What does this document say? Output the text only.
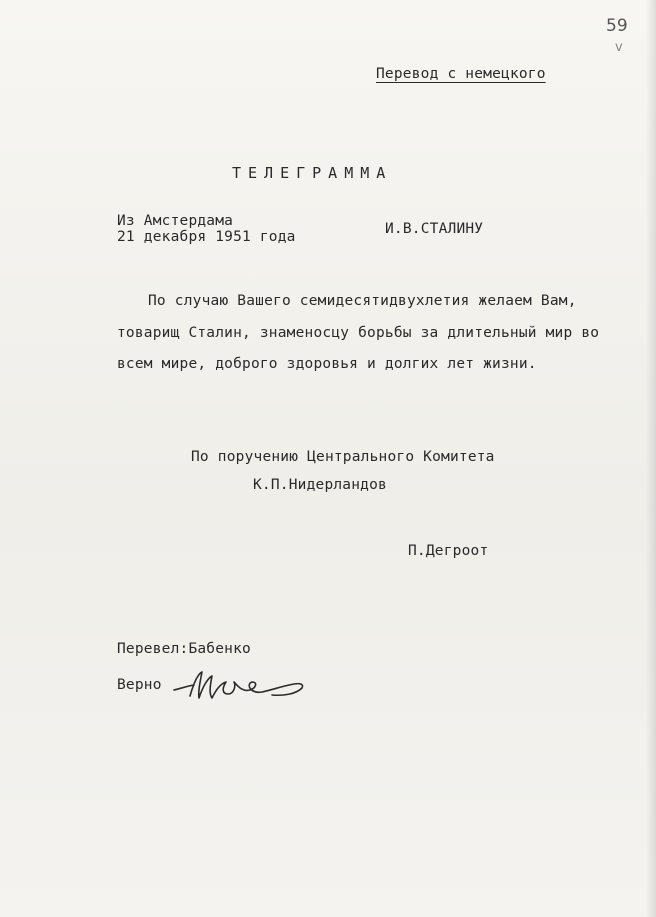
59
v
Перевод с немецкого
ТЕЛЕГРАММА
Из Амстердама
21 декабря 1951 года	И.В.СТАЛИНУ
По случаю Вашего семидесятидвухлетия желаем Вам,
товарищ Сталин, знаменосцу борьбы за длительный мир во
всем мире, доброго здоровья и долгих лет жизни.
По поручению Центрального Комитета
К.П.Нидерландов
П.Дегроот
Перевел:Бабенко
Верно
